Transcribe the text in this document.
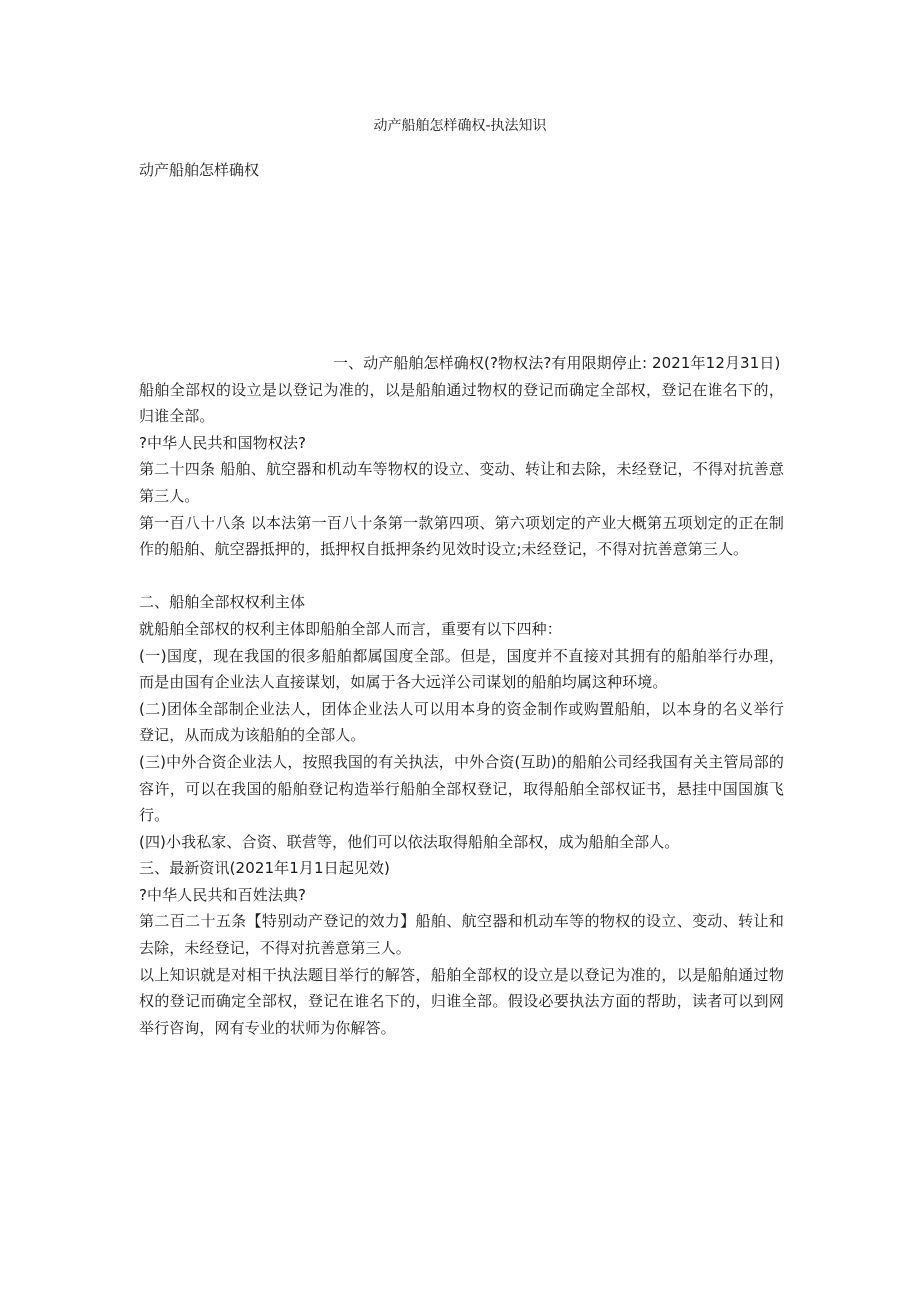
动产船舶怎样确权-执法知识
动产船舶怎样确权

一、动产船舶怎样确权(?物权法?有用限期停止: 2021年12月31日)

船舶全部权的设立是以登记为准的，以是船舶通过物权的登记而确定全部权，登记在谁名下的，归谁全部。

?中华人民共和国物权法?

第二十四条 船舶、航空器和机动车等物权的设立、变动、转让和去除，未经登记，不得对抗善意第三人。

第一百八十八条 以本法第一百八十条第一款第四项、第六项划定的产业大概第五项划定的正在制作的船舶、航空器抵押的，抵押权自抵押条约见效时设立;未经登记，不得对抗善意第三人。

二、船舶全部权权利主体

就船舶全部权的权利主体即船舶全部人而言，重要有以下四种：

(一)国度，现在我国的很多船舶都属国度全部。但是，国度并不直接对其拥有的船舶举行办理，而是由国有企业法人直接谋划，如属于各大远洋公司谋划的船舶均属这种环境。

(二)团体全部制企业法人，团体企业法人可以用本身的资金制作或购置船舶，以本身的名义举行登记，从而成为该船舶的全部人。

(三)中外合资企业法人，按照我国的有关执法，中外合资(互助)的船舶公司经我国有关主管局部的容许，可以在我国的船舶登记构造举行船舶全部权登记，取得船舶全部权证书，悬挂中国国旗飞行。

(四)小我私家、合资、联营等，他们可以依法取得船舶全部权，成为船舶全部人。

三、最新资讯(2021年1月1日起见效)

?中华人民共和百姓法典?

第二百二十五条【特别动产登记的效力】船舶、航空器和机动车等的物权的设立、变动、转让和去除，未经登记，不得对抗善意第三人。

以上知识就是对相干执法题目举行的解答，船舶全部权的设立是以登记为准的，以是船舶通过物权的登记而确定全部权，登记在谁名下的，归谁全部。假设必要执法方面的帮助，读者可以到网举行咨询，网有专业的状师为你解答。
